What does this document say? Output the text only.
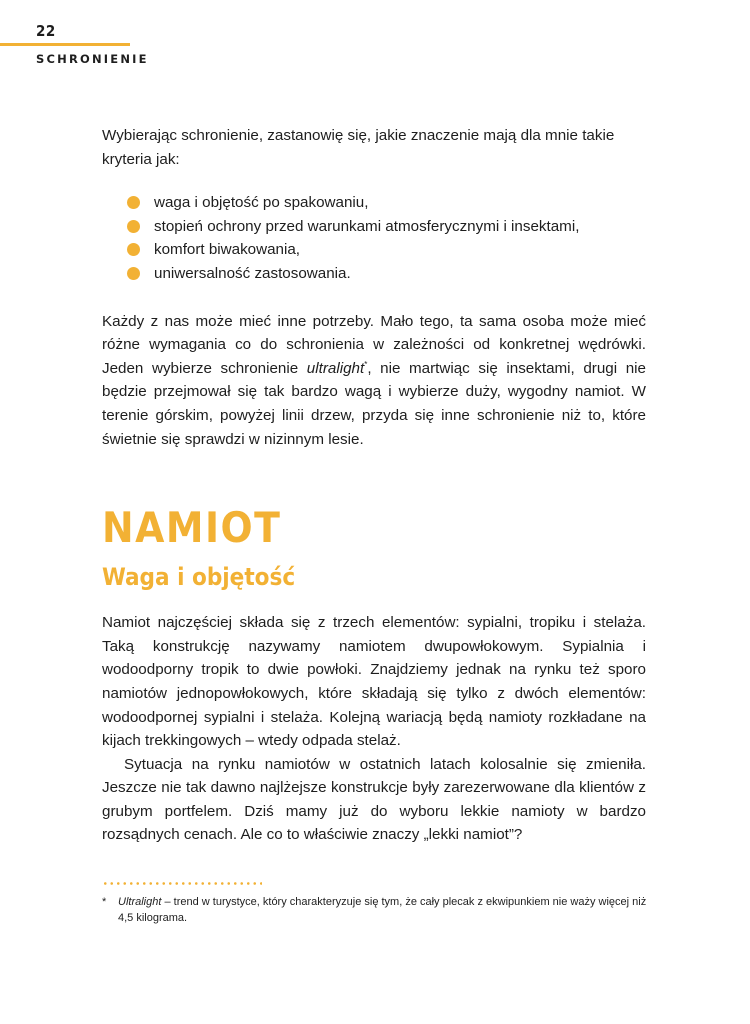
22
SCHRONIENIE

Wybierając schronienie, zastanowię się, jakie znaczenie mają dla mnie takie kryteria jak:

waga i objętość po spakowaniu,
stopień ochrony przed warunkami atmosferycznymi i insektami,
komfort biwakowania,
uniwersalność zastosowania.

Każdy z nas może mieć inne potrzeby. Mało tego, ta sama osoba może mieć różne wymagania co do schronienia w zależności od konkretnej wędrówki. Jeden wybierze schronienie ultralight*, nie martwiąc się insektami, drugi nie będzie przejmował się tak bardzo wagą i wybierze duży, wygodny namiot. W terenie górskim, powyżej linii drzew, przyda się inne schronienie niż to, które świetnie się sprawdzi w nizinnym lesie.

NAMIOT
Waga i objętość

Namiot najczęściej składa się z trzech elementów: sypialni, tropiku i stelaża. Taką konstrukcję nazywamy namiotem dwupowłokowym. Sypialnia i wodoodporny tropik to dwie powłoki. Znajdziemy jednak na rynku też sporo namiotów jednopowłokowych, które składają się tylko z dwóch elementów: wodoodpornej sypialni i stelaża. Kolejną wariacją będą namioty rozkładane na kijach trekkingowych – wtedy odpada stelaż.

Sytuacja na rynku namiotów w ostatnich latach kolosalnie się zmieniła. Jeszcze nie tak dawno najlżejsze konstrukcje były zarezerwowane dla klientów z grubym portfelem. Dziś mamy już do wyboru lekkie namioty w bardzo rozsądnych cenach. Ale co to właściwie znaczy „lekki namiot”?

*	Ultralight – trend w turystyce, który charakteryzuje się tym, że cały plecak z ekwipunkiem nie waży więcej niż 4,5 kilograma.
